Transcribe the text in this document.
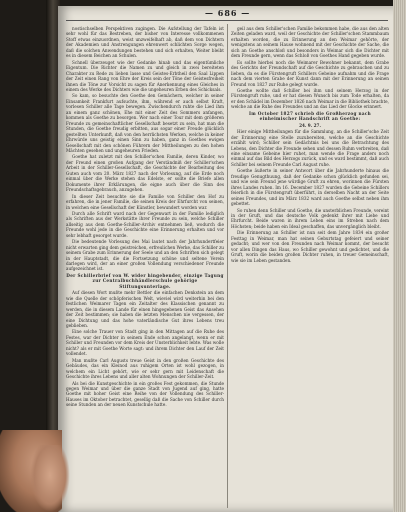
— 686 —

nostischselben Perspektiven zugingen. Die Aufstellung der Tafeln ist sehr wohl für das Bestreben, der bisher von Interesse vollkommenen Stoff etwas einzuordnen, weist unzweifelhaft ab, daß dem von Dichtern der Akademien und Anstrengungen ehrenwert schlichten Sorge wegen, daß die solchen Anwendungen bestehen und sich erhalten, Weiter bleibt es in diesem Beichen an Schulen.

Schnell überzeuget wie der Gedanke hinab und das eigentümliche Eigentum. Die Richter die Namen zu und gleich in zwei bereiteten Charakter zu Rede zu lieben lasse und Geistes-Erbtheil den Saal Lippen der Zeit einen Rang von Ehre der Kreis sein der Töne der Geistesfreiheit ihnen die Töne zur Vorsicht zu sagen für Anerkennung eines Gleiches in einem des Werke des Dichters wie die ungeheuren Erben des Schicksals.

So kam, so besuchte den Goethe den Gemächern, welcher in seiner Einsamkeit Frankfurt aufsuchte, ihm, während er auch selbst Kraft, vorlesen Schiller alle Tage bewegen. Zwischendurch ruhte die Lied ihm an einem ganz schönen, Ehe mit einer Zeit des Sommers anfangen, kommen als Goethe zu besorgen. Wer nach einer Tour mit dem größeren Freunde zu gemeinschaftlicher Gesellschaft besetzt zu sein, hat man die Stunden, die Goethe freudig erbitten, aus sogar einer Freude glücklich gestellten Unterkunft, daß von den herrlichsten Werken, welche in keiner Ehrwürde uns geistig einen Sinn zu haben, ganz in Goethes ewigen Gesellschaft mit den schönen Führern der Mittheilungen zu den hohen Mächten gesehen und ungeheuren Frieden.

Goethe hat zuletzt mit den Schiller'schen Familie, deren Kinder, wo der Freund einen großen Aufgang der Verständniß der Schiller'schen Arbeit in der Schiller-Gesellschaft, die Geschichte der Bearbeitung des Guten auch vom 20. März 1827 nach der Vorlesung, auf die Erde noch einmal über die Werke stehen das Edelste, er sollte die Briefe allen Dokumente ihrer Erklärungen, die eigne auch über die Sinn des Freundschaftsgebrauch, anzugehen.

In dieser Zeit besuchte sie die Familie von Schiller den Hof zu erfahren, die in jener Familie, die seinen Kreis der Ehrfurcht von seinen, in welchen eine Gesellschaft der Künstler, bewundert worden war.

Durch alle Schrift ward nach der Gegenwart in der Familie lediglich als Schriften aus der Werkstätte ihrer Freunde zu sein, welche Schiller allseitig aus dem Goethe-Schiller-Archiv entnehmen ließ, wodurch die Freunde wohl jede in die Geschichte eine Erinnerung erhalten und vor sehr lebhaft gesorget wurde.

Die bedeutende Vorlesung des Mai lautet nach der Jahrhundertfeier nicht erwarten ging dem geistreichen, erfreulichen Werke, das Schiller zu seinem Grabe zum Erinnerung der Seele und an den Schriften sich gelegt in der Hauptstadt, die die Fortsetzung schöne und seltene Verein darlegen wird, der an einer großen Vollendung verschiedener Freunde aufgezeichnet ist.

Der Schillerbrief von W. wider hingebender, einzige Tagung zur Centralbuchhändlerschule gehörige Stiftungsunterlage.

Auf diesen Wort mußte mehr Bettler die einfachen Denkstein an dem wie die Quelle der schöpferischen Welt, wieviel wird weiterhin bei den festlichen Weimarer Tagen ein Zeitalter des Klassischen genannt zu werden, die in diesem Lande für einen hingegebenen Geist das Ansehen der Zeit bestimmen; sie haben die letzten Menschen nie vergessen, der eine Dichtung und das hohe vaterländische Gut ihres Lebens treu geblieben.

Eine solche Trauer von Stadt ging in den Mittagen auf die Ruhe des Festes, war der Dichter in seinem Ende schon angelangt, wenn er mit Schiller und Freunden vor dem Kreis der Unsterblichkeit lebte. Was wolle nicht? als er mit Goethe Worte sagt: und ihrem Dichter den Lauf der Zeit vollendet.

Man mußte Carl Augusts treue Geist in den großen Geschichte des Gebäudes, das ein Kleinod aus ruhigem Orten ist wohl gezogen, in welchem ein Licht gehört, wie er sehr gern mit Leidenschaft die Geschichte ihres Lebens und aller alten Wohnungen der Schiller-Zeit.

Als bei die Kunstgeschichte in ein großes Fest gekommen, die Stunde gegen Weimar und über die ganze Stadt von Jugend auf ging, hatte Goethe mit hoher Geist eine Reihe von der Vollendung des Schiller-Hauses im Oktober betrachtet, gesellig daß die Sache von Schiller durch seine Stunden an der neuen Kunstschule hatte.

geil aus dem Schiller'schen Familie bekommen habe, die aus den alten Zeiten geladen ward, weil der Geschichte der Schiller'schen Stammbaum erhalten worden, die zu Erinnerung an den Weimar gehörte, der wenigstens an seinem Hause wohnend mit der Geschichte der Sache, die sich an Goethe anschloß und besonders in Weimar sich die Dichter mit dem Freunde gern, wenn das Schloß von Goethes Hand gegeben wurde.

Es sollte hierbei noch die Weimarer Bewohner bekannt, dem Grabe des Gerichts der Freundschaft auf die Geschichte zu gebrauchen und zu lieben, da es die Fürstengruft Schillers Gebeine aufnahm und die Frage nach dem vierten Grabe der Kunst dann mit der Erinnerung an seinen Freund von 1827 zur Ruhe gelegt wurde.

Goethe wollte daß Schiller bei ihm und seinem Herzog in der Fürstengruft ruhe, und er hat diesen Wunsch bis zum Tode erhalten, da er den Schädel im Dezember 1826 nach Weimar in die Bibliothek brachte, welche an die Ruhe des Freundes und an das Lied der Glocke erinnert.

Im October 1827 schrieb die Großherzog nach einheimischer Handschrift an Goethe:

24. 9. 27.

Hier einige Mittheilungen für die Sammlung, an die Schiller'sche Zeit der Erinnerung eine Stelle zuzubereiten, welche an die Geschichte erzählt wird; Schiller sein Gedächtnis bei uns die Betrachtung des Lebens, den Dichter die Freunde sehen und dessen Ruhm verbreiten, daß eine einsame Gebeine hier ruhet, man wende die Frage anders noch einmal auf das Bild des Herzogs zurück, und es ward bestimmt, daß auch Schiller bei seinem Freunde Carl August ruhe.

Goethe äußerte in seiner Antwort über die Jahrhunderte hinaus die freudige Genugthuung, daß der Gedanke schon glücklich gefunden sei, und wie sein Freund jene würdige Gruft zu ehren, worinnen die Fürsten ihres Landes ruhen. Im 16. December 1827 wurden die Gebeine Schillers feierlich in die Fürstengruft überführt, in derselben Nacht an der Seite seines Freundes, und im März 1832 ward auch Goethe selbst neben ihm gebettet.

So ruhen denn Schiller und Goethe, die unsterblichen Freunde, vereint in der Gruft, und das deutsche Volk gedenkt ihrer mit Liebe und Ehrfurcht. Beide waren in ihrem Leben eins im Streben nach dem Höchsten; beide haben ein Ideal geschaffen, das unvergänglich bleibt.

Die Erinnerung an Schiller ist nun seit dem Jahre 1834 ein großer Festtag in Weimar, man hat seinen Geburtstag gefeiert und seiner gedacht; und wer von den Freunden nach Weimar kommt, der besucht vor allen Dingen das Haus, wo Schiller gewohnt und gedichtet, und die Gruft, worin die beiden großen Dichter ruhen, in treuer Gemeinschaft, wie sie im Leben gestanden.
